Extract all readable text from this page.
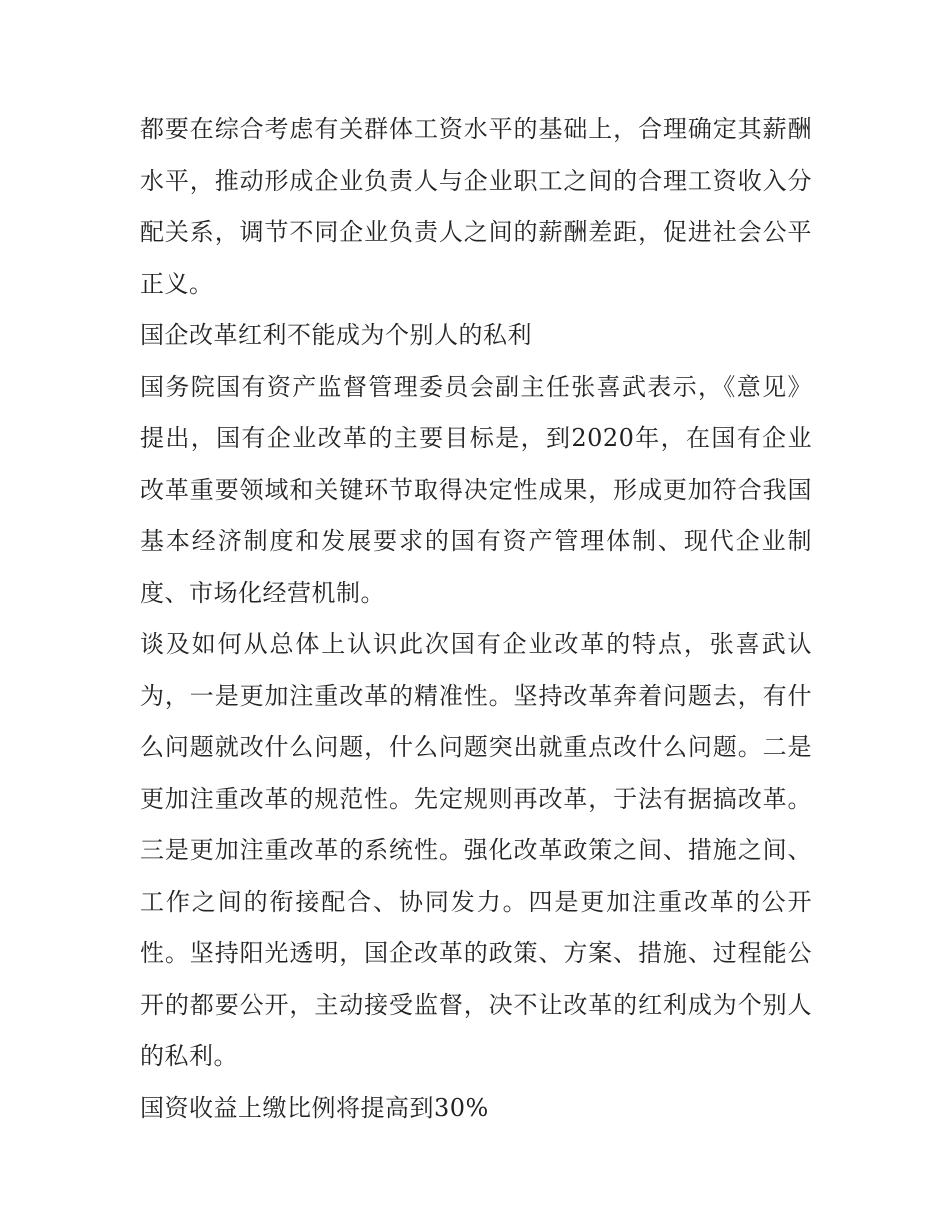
都要在综合考虑有关群体工资水平的基础上，合理确定其薪酬水平，推动形成企业负责人与企业职工之间的合理工资收入分配关系，调节不同企业负责人之间的薪酬差距，促进社会公平正义。

国企改革红利不能成为个别人的私利

国务院国有资产监督管理委员会副主任张喜武表示，《意见》提出，国有企业改革的主要目标是，到2020年，在国有企业改革重要领域和关键环节取得决定性成果，形成更加符合我国基本经济制度和发展要求的国有资产管理体制、现代企业制度、市场化经营机制。

谈及如何从总体上认识此次国有企业改革的特点，张喜武认为，一是更加注重改革的精准性。坚持改革奔着问题去，有什么问题就改什么问题，什么问题突出就重点改什么问题。二是更加注重改革的规范性。先定规则再改革，于法有据搞改革。三是更加注重改革的系统性。强化改革政策之间、措施之间、工作之间的衔接配合、协同发力。四是更加注重改革的公开性。坚持阳光透明，国企改革的政策、方案、措施、过程能公开的都要公开，主动接受监督，决不让改革的红利成为个别人的私利。

国资收益上缴比例将提高到30%
